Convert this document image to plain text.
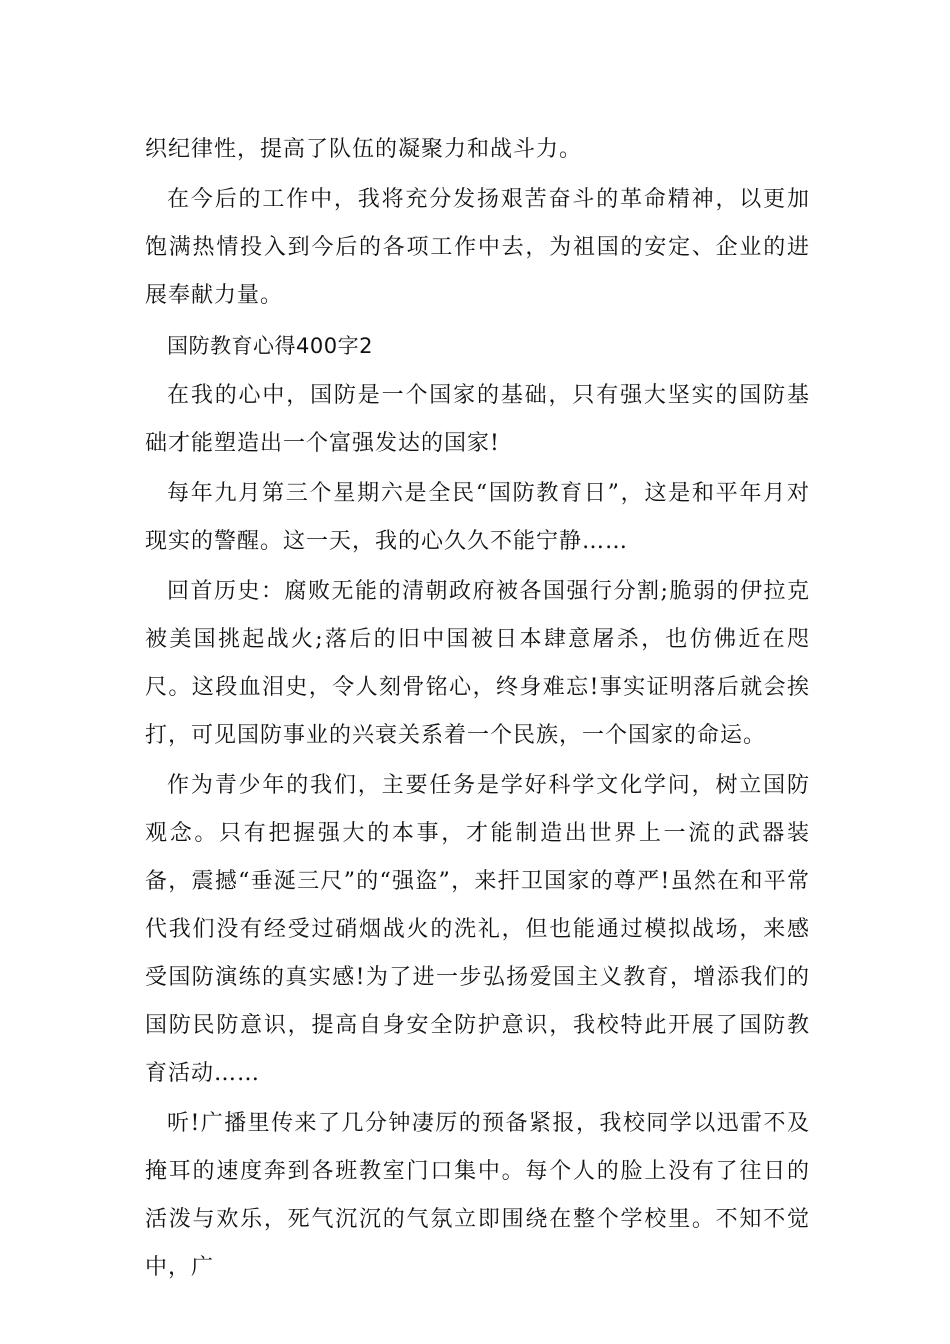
织纪律性，提高了队伍的凝聚力和战斗力。

在今后的工作中，我将充分发扬艰苦奋斗的革命精神，以更加饱满热情投入到今后的各项工作中去，为祖国的安定、企业的进展奉献力量。

国防教育心得400字2

在我的心中，国防是一个国家的基础，只有强大坚实的国防基础才能塑造出一个富强发达的国家!

每年九月第三个星期六是全民“国防教育日”，这是和平年月对现实的警醒。这一天，我的心久久不能宁静……

回首历史：腐败无能的清朝政府被各国强行分割;脆弱的伊拉克被美国挑起战火;落后的旧中国被日本肆意屠杀，也仿佛近在咫尺。这段血泪史，令人刻骨铭心，终身难忘!事实证明落后就会挨打，可见国防事业的兴衰关系着一个民族，一个国家的命运。

作为青少年的我们，主要任务是学好科学文化学问，树立国防观念。只有把握强大的本事，才能制造出世界上一流的武器装备，震撼“垂涎三尺”的“强盗”，来扞卫国家的尊严!虽然在和平常代我们没有经受过硝烟战火的洗礼，但也能通过模拟战场，来感受国防演练的真实感!为了进一步弘扬爱国主义教育，增添我们的国防民防意识，提高自身安全防护意识，我校特此开展了国防教育活动……

听!广播里传来了几分钟凄厉的预备紧报，我校同学以迅雷不及掩耳的速度奔到各班教室门口集中。每个人的脸上没有了往日的活泼与欢乐，死气沉沉的气氛立即围绕在整个学校里。不知不觉中，广
